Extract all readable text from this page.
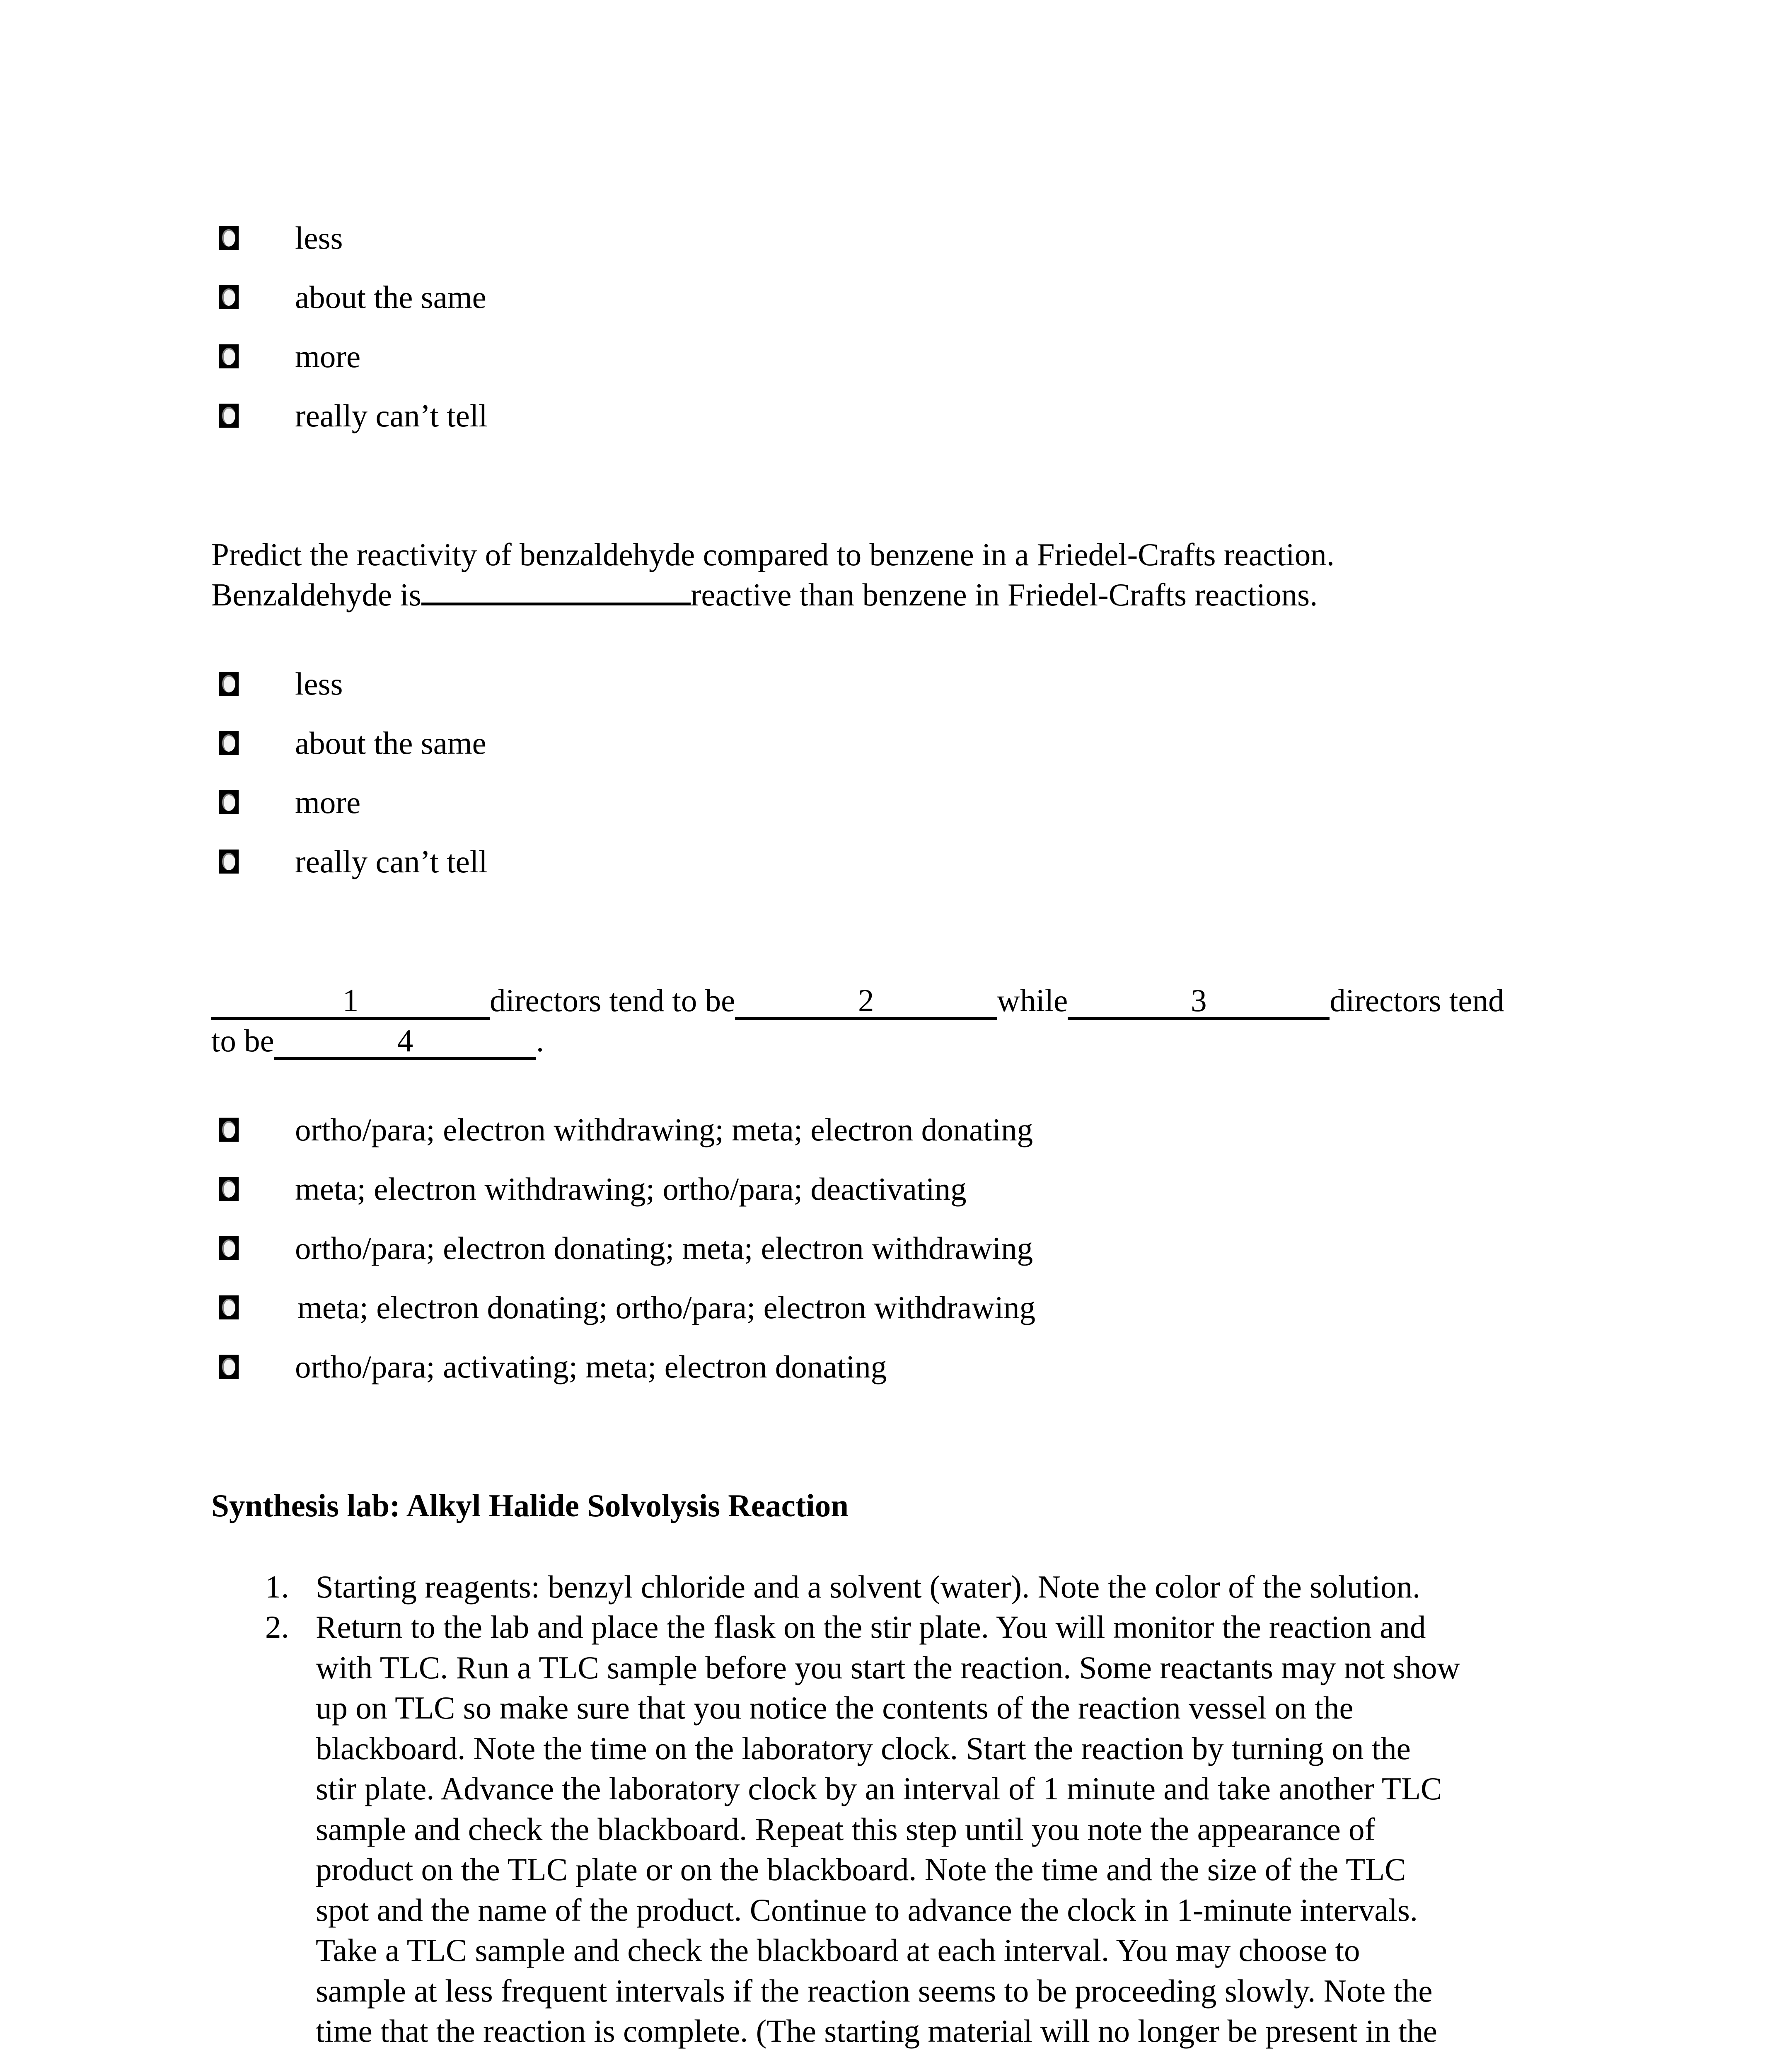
less
about the same
more
really can’t tell
Predict the reactivity of benzaldehyde compared to benzene in a Friedel-Crafts reaction.
Benzaldehyde is	reactive than benzene in Friedel-Crafts reactions.
less
about the same
more
really can’t tell
1	directors tend to be	2	while	3	directors tend
to be	4	.
ortho/para; electron withdrawing; meta; electron donating
meta; electron withdrawing; ortho/para; deactivating
ortho/para; electron donating; meta; electron withdrawing
meta; electron donating; ortho/para; electron withdrawing
ortho/para; activating; meta; electron donating
Synthesis lab: Alkyl Halide Solvolysis Reaction
1. Starting reagents: benzyl chloride and a solvent (water). Note the color of the solution.
2. Return to the lab and place the flask on the stir plate. You will monitor the reaction and
with TLC. Run a TLC sample before you start the reaction. Some reactants may not show
up on TLC so make sure that you notice the contents of the reaction vessel on the
blackboard. Note the time on the laboratory clock. Start the reaction by turning on the
stir plate. Advance the laboratory clock by an interval of 1 minute and take another TLC
sample and check the blackboard. Repeat this step until you note the appearance of
product on the TLC plate or on the blackboard. Note the time and the size of the TLC
spot and the name of the product. Continue to advance the clock in 1-minute intervals.
Take a TLC sample and check the blackboard at each interval. You may choose to
sample at less frequent intervals if the reaction seems to be proceeding slowly. Note the
time that the reaction is complete. (The starting material will no longer be present in the
